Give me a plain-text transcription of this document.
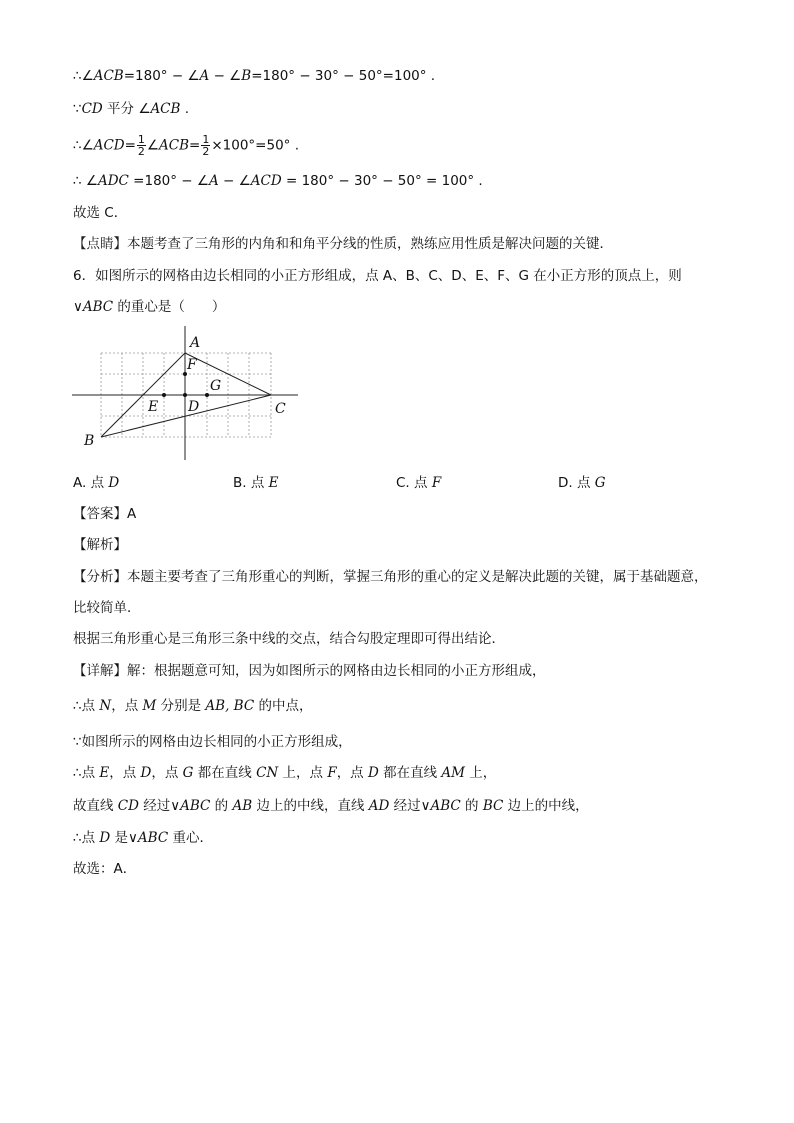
∴∠ACB=180° − ∠A − ∠B=180° − 30° − 50°=100° .
∵CD 平分 ∠ACB .
∴∠ACD= $\frac{1}{2}$ ∠ACB= $\frac{1}{2} \times 100^\circ=50^\circ$ .
∴ ∠ADC =180° − ∠A − ∠ACD = 180° − 30° − 50° = 100° .
故选 C．
【点睛】本题考查了三角形的内角和和角平分线的性质，熟练应用性质是解决问题的关键．
6．如图所示的网格由边长相同的小正方形组成，点 A、B、C、D、E、F、G 在小正方形的顶点上，则
∨ABC 的重心是（　　）
A
B
C
D
E
F
G
A. 点 D	B. 点 E	C. 点 F	D. 点 G
【答案】A
【解析】
【分析】本题主要考查了三角形重心的判断，掌握三角形的重心的定义是解决此题的关键，属于基础题意，
比较简单．
根据三角形重心是三角形三条中线的交点，结合勾股定理即可得出结论．
【详解】解：根据题意可知，因为如图所示的网格由边长相同的小正方形组成，
∴点 N，点 M 分别是 AB, BC 的中点，
∵如图所示的网格由边长相同的小正方形组成，
∴点 E，点 D，点 G 都在直线 CN 上，点 F，点 D 都在直线 AM 上，
故直线 CD 经过∨ABC 的 AB 边上的中线，直线 AD 经过∨ABC 的 BC 边上的中线，
∴点 D 是∨ABC 重心．
故选：A．
